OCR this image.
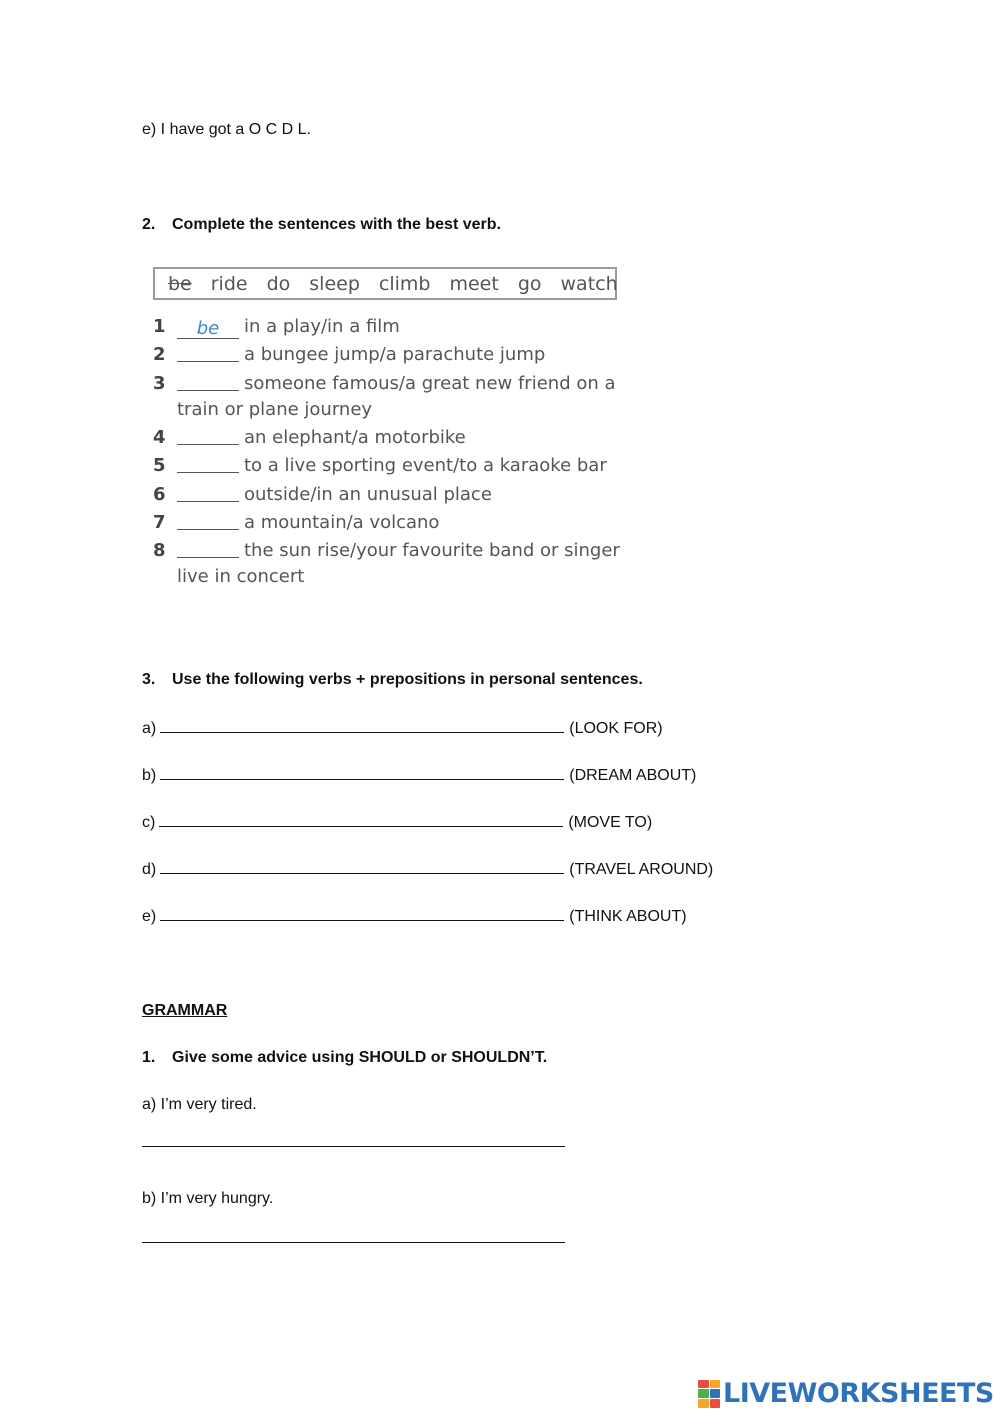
e) I have got a O C D L.
2. Complete the sentences with the best verb.
be ride do sleep climb meet go watch
1 be in a play/in a film
2	a bungee jump/a parachute jump
3	someone famous/a great new friend on a
train or plane journey
4	an elephant/a motorbike
5	to a live sporting event/to a karaoke bar
6	outside/in an unusual place
7	a mountain/a volcano
8	the sun rise/your favourite band or singer
live in concert
3. Use the following verbs + prepositions in personal sentences.
a)	(LOOK FOR)
b)	(DREAM ABOUT)
c)	(MOVE TO)
d)	(TRAVEL AROUND)
e)	(THINK ABOUT)
GRAMMAR
1. Give some advice using SHOULD or SHOULDN’T.
a) I’m very tired.
b) I’m very hungry.
LIVEWORKSHEETS
